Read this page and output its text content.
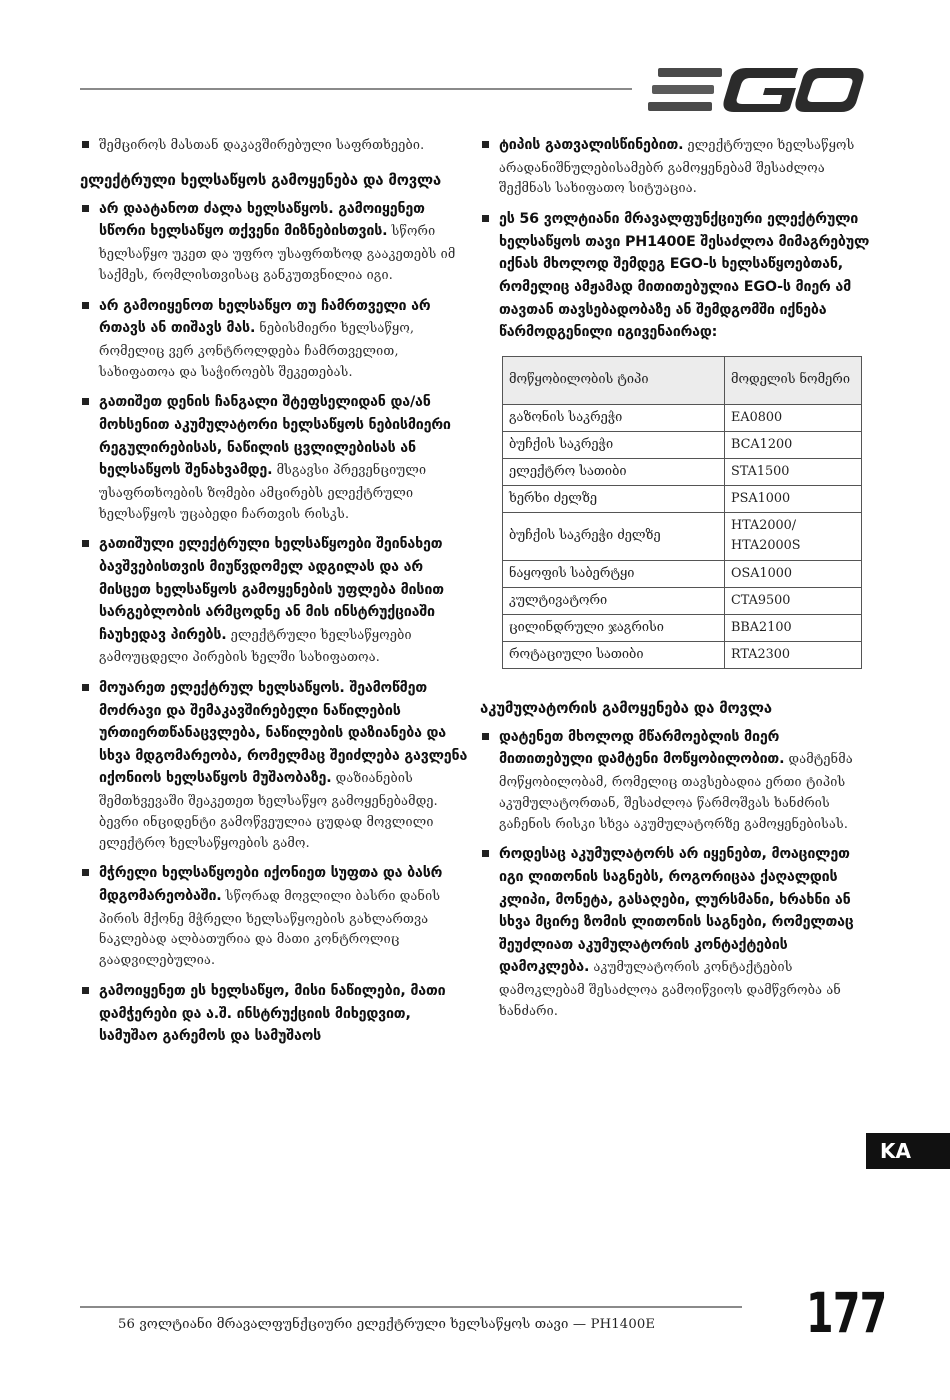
შემციროს მასთან დაკავშირებული საფრთხეები.
ელექტრული ხელსაწყოს გამოყენება და მოვლა
არ დაატანოთ ძალა ხელსაწყოს. გამოიყენეთ სწორი ხელსაწყო თქვენი მიზნებისთვის. სწორი ხელსაწყო უკეთ და უფრო უსაფრთხოდ გააკეთებს იმ საქმეს, რომლისთვისაც განკუთვნილია იგი.
არ გამოიყენოთ ხელსაწყო თუ ჩამრთველი არ რთავს ან თიშავს მას. ნებისმიერი ხელსაწყო, რომელიც ვერ კონტროლდება ჩამრთველით, სახიფათოა და საჭიროებს შეკეთებას.
გათიშეთ დენის ჩანგალი შტეფსელიდან და/ან მოხსენით აკუმულატორი ხელსაწყოს ნებისმიერი რეგულირებისას, ნაწილის ცვლილებისას ან ხელსაწყოს შენახვამდე. მსგავსი პრევენციული უსაფრთხოების ზომები ამცირებს ელექტრული ხელსაწყოს უცაბედი ჩართვის რისკს.
გათიშული ელექტრული ხელსაწყოები შეინახეთ ბავშვებისთვის მიუწვდომელ ადგილას და არ მისცეთ ხელსაწყოს გამოყენების უფლება მისით სარგებლობის არმცოდნე ან მის ინსტრუქციაში ჩაუხედავ პირებს. ელექტრული ხელსაწყოები გამოუცდელი პირების ხელში სახიფათოა.
მოუარეთ ელექტრულ ხელსაწყოს. შეამოწმეთ მოძრავი და შემაკავშირებელი ნაწილების ურთიერთწანაცვლება, ნაწილების დაზიანება და სხვა მდგომარეობა, რომელმაც შეიძლება გავლენა იქონიოს ხელსაწყოს მუშაობაზე. დაზიანების შემთხვევაში შეაკეთეთ ხელსაწყო გამოყენებამდე. ბევრი ინციდენტი გამოწვეულია ცუდად მოვლილი ელექტრო ხელსაწყოების გამო.
მჭრელი ხელსაწყოები იქონიეთ სუფთა და ბასრ მდგომარეობაში. სწორად მოვლილი ბასრი დანის პირის მქონე მჭრელი ხელსაწყოების გახლართვა ნაკლებად ალბათურია და მათი კონტროლიც გაადვილებულია.
გამოიყენეთ ეს ხელსაწყო, მისი ნაწილები, მათი დამჭერები და ა.შ. ინსტრუქციის მიხედვით, სამუშაო გარემოს და სამუშაოს
ტიპის გათვალისწინებით. ელექტრული ხელსაწყოს არადანიშნულებისამებრ გამოყენებამ შესაძლოა შექმნას სახიფათო სიტუაცია.
ეს 56 ვოლტიანი მრავალფუნქციური ელექტრული ხელსაწყოს თავი PH1400E შესაძლოა მიმაგრებულ იქნას მხოლოდ შემდეგ EGO-ს ხელსაწყოებთან, რომელიც ამჟამად მითითებულია EGO-ს მიერ ამ თავთან თავსებადობაზე ან შემდგომში იქნება წარმოდგენილი იგივენაირად:
მოწყობილობის ტიპი	მოდელის ნომერი
გაზონის საკრეჭი	EA0800
ბუჩქის საკრეჭი	BCA1200
ელექტრო სათიბი	STA1500
ხერხი ძელზე	PSA1000
ბუჩქის საკრეჭი ძელზე	HTA2000/ HTA2000S
ნაყოფის საბერტყი	OSA1000
კულტივატორი	CTA9500
ცილინდრული ჯაგრისი	BBA2100
როტაციული სათიბი	RTA2300
აკუმულატორის გამოყენება და მოვლა
დატენეთ მხოლოდ მწარმოებლის მიერ მითითებული დამტენი მოწყობილობით. დამტენმა მოწყობილობამ, რომელიც თავსებადია ერთი ტიპის აკუმულატორთან, შესაძლოა წარმოშვას ხანძრის გაჩენის რისკი სხვა აკუმულატორზე გამოყენებისას.
როდესაც აკუმულატორს არ იყენებთ, მოაცილეთ იგი ლითონის საგნებს, როგორიცაა ქაღალდის კლიპი, მონეტა, გასაღები, ლურსმანი, ხრახნი ან სხვა მცირე ზომის ლითონის საგნები, რომელთაც შეუძლიათ აკუმულატორის კონტაქტების დამოკლება. აკუმულატორის კონტაქტების დამოკლებამ შესაძლოა გამოიწვიოს დამწვრობა ან ხანძარი.
KA
56 ვოლტიანი მრავალფუნქციური ელექტრული ხელსაწყოს თავი — PH1400E	177
